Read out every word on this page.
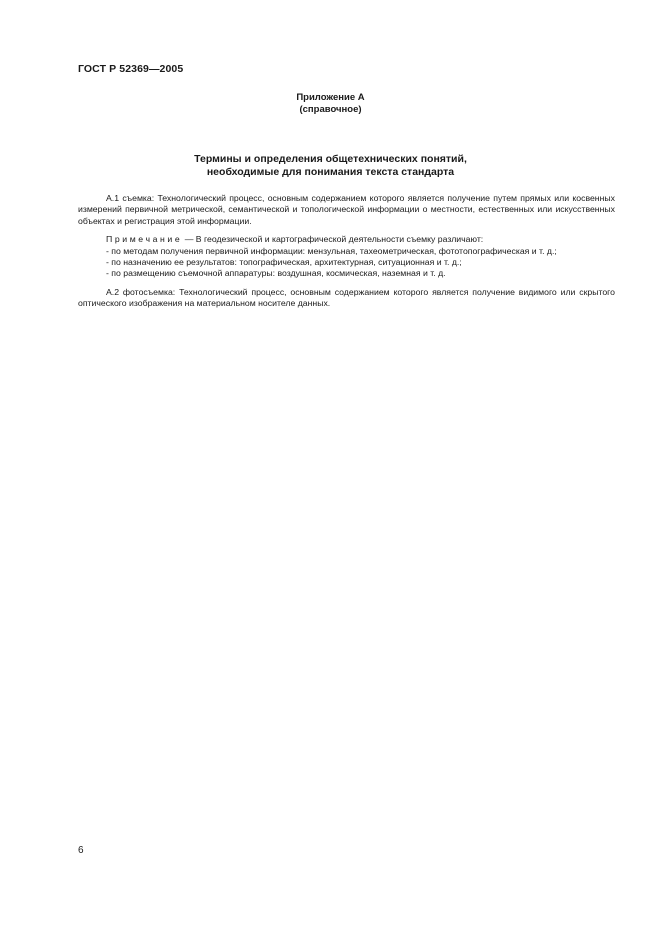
ГОСТ Р 52369—2005
Приложение А
(справочное)
Термины и определения общетехнических понятий,
необходимые для понимания текста стандарта

А.1 съемка: Технологический процесс, основным содержанием которого является получение путем прямых или косвенных измерений первичной метрической, семантической и топологической информации о местности, естественных или искусственных объектах и регистрация этой информации.

Примечание — В геодезической и картографической деятельности съемку различают:

- по методам получения первичной информации: мензульная, тахеометрическая, фототопографическая и т. д.;

- по назначению ее результатов: топографическая, архитектурная, ситуационная и т. д.;

- по размещению съемочной аппаратуры: воздушная, космическая, наземная и т. д.

А.2 фотосъемка: Технологический процесс, основным содержанием которого является получение видимого или скрытого оптического изображения на материальном носителе данных.

6
